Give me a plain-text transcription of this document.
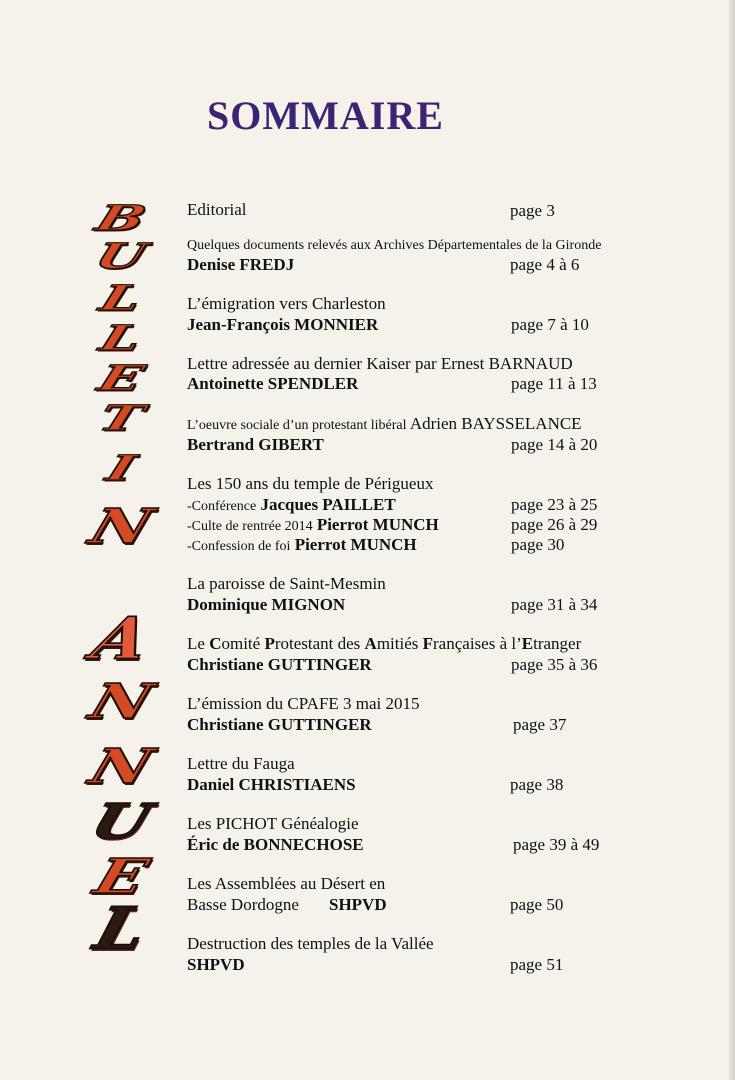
SOMMAIRE
B
U
L
L
E
T
I
N
A
N
N
U
E
L
Editorial	page 3
Quelques documents relevés aux Archives Départementales de la Gironde
Denise FREDJ	page 4 à 6
L’émigration vers Charleston
Jean-François MONNIER	page 7 à 10
Lettre adressée au dernier Kaiser par Ernest BARNAUD
Antoinette SPENDLER	page 11 à 13
L’oeuvre sociale d’un protestant libéral Adrien BAYSSELANCE
Bertrand GIBERT	page 14 à 20
Les 150 ans du temple de Périgueux
-Conférence Jacques PAILLET	page 23 à 25
-Culte de rentrée 2014 Pierrot MUNCH	page 26 à 29
-Confession de foi Pierrot MUNCH	page 30
La paroisse de Saint-Mesmin
Dominique MIGNON	page 31 à 34
Le Comité Protestant des Amitiés Françaises à l’Etranger
Christiane GUTTINGER	page 35 à 36
L’émission du CPAFE 3 mai 2015
Christiane GUTTINGER	page 37
Lettre du Fauga
Daniel CHRISTIAENS	page 38
Les PICHOT Généalogie
Éric de BONNECHOSE	page 39 à 49
Les Assemblées au Désert en
Basse Dordogne SHPVD	page 50
Destruction des temples de la Vallée
SHPVD	page 51
